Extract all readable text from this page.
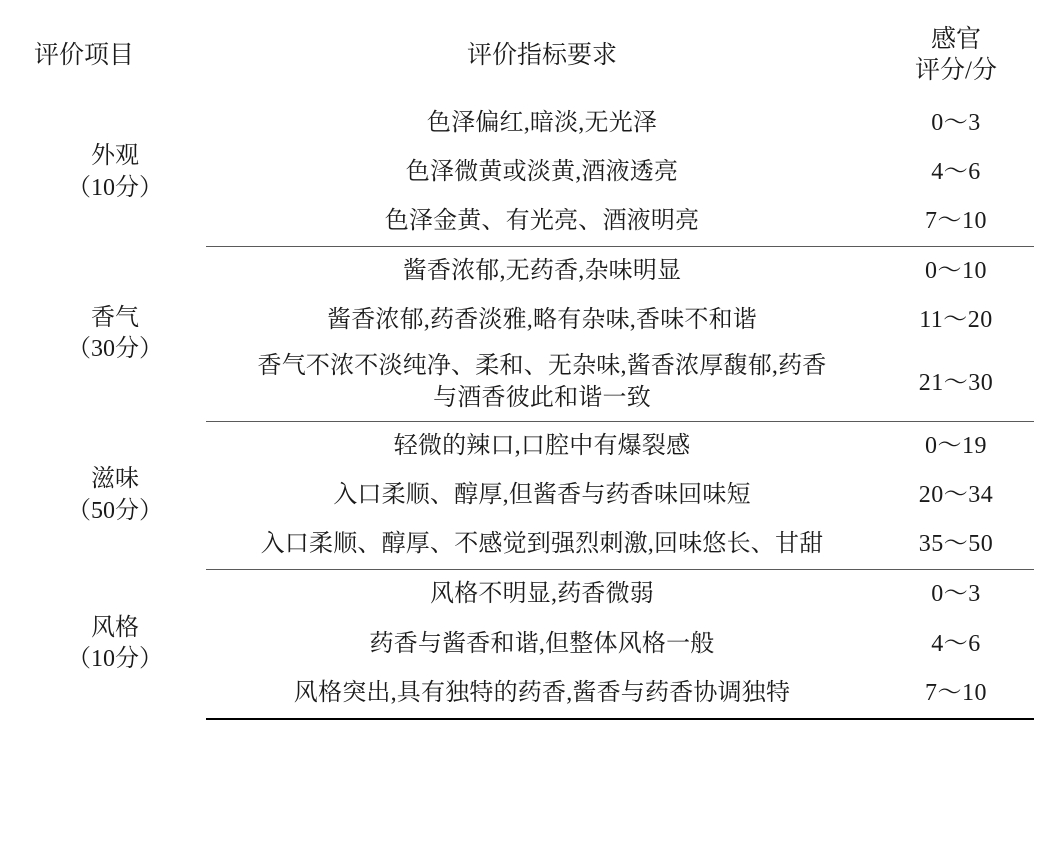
评价项目	评价指标要求	感官
评分/分

外观
（10分）	色泽偏红,暗淡,无光泽	0～3
	色泽微黄或淡黄,酒液透亮	4～6
	色泽金黄、有光亮、酒液明亮	7～10

香气
（30分）	酱香浓郁,无药香,杂味明显	0～10
	酱香浓郁,药香淡雅,略有杂味,香味不和谐	11～20
	香气不浓不淡纯净、柔和、无杂味,酱香浓厚馥郁,药香与酒香彼此和谐一致	21～30

滋味
（50分）	轻微的辣口,口腔中有爆裂感	0～19
	入口柔顺、醇厚,但酱香与药香味回味短	20～34
	入口柔顺、醇厚、不感觉到强烈刺激,回味悠长、甘甜	35～50

风格
（10分）	风格不明显,药香微弱	0～3
	药香与酱香和谐,但整体风格一般	4～6
	风格突出,具有独特的药香,酱香与药香协调独特	7～10
